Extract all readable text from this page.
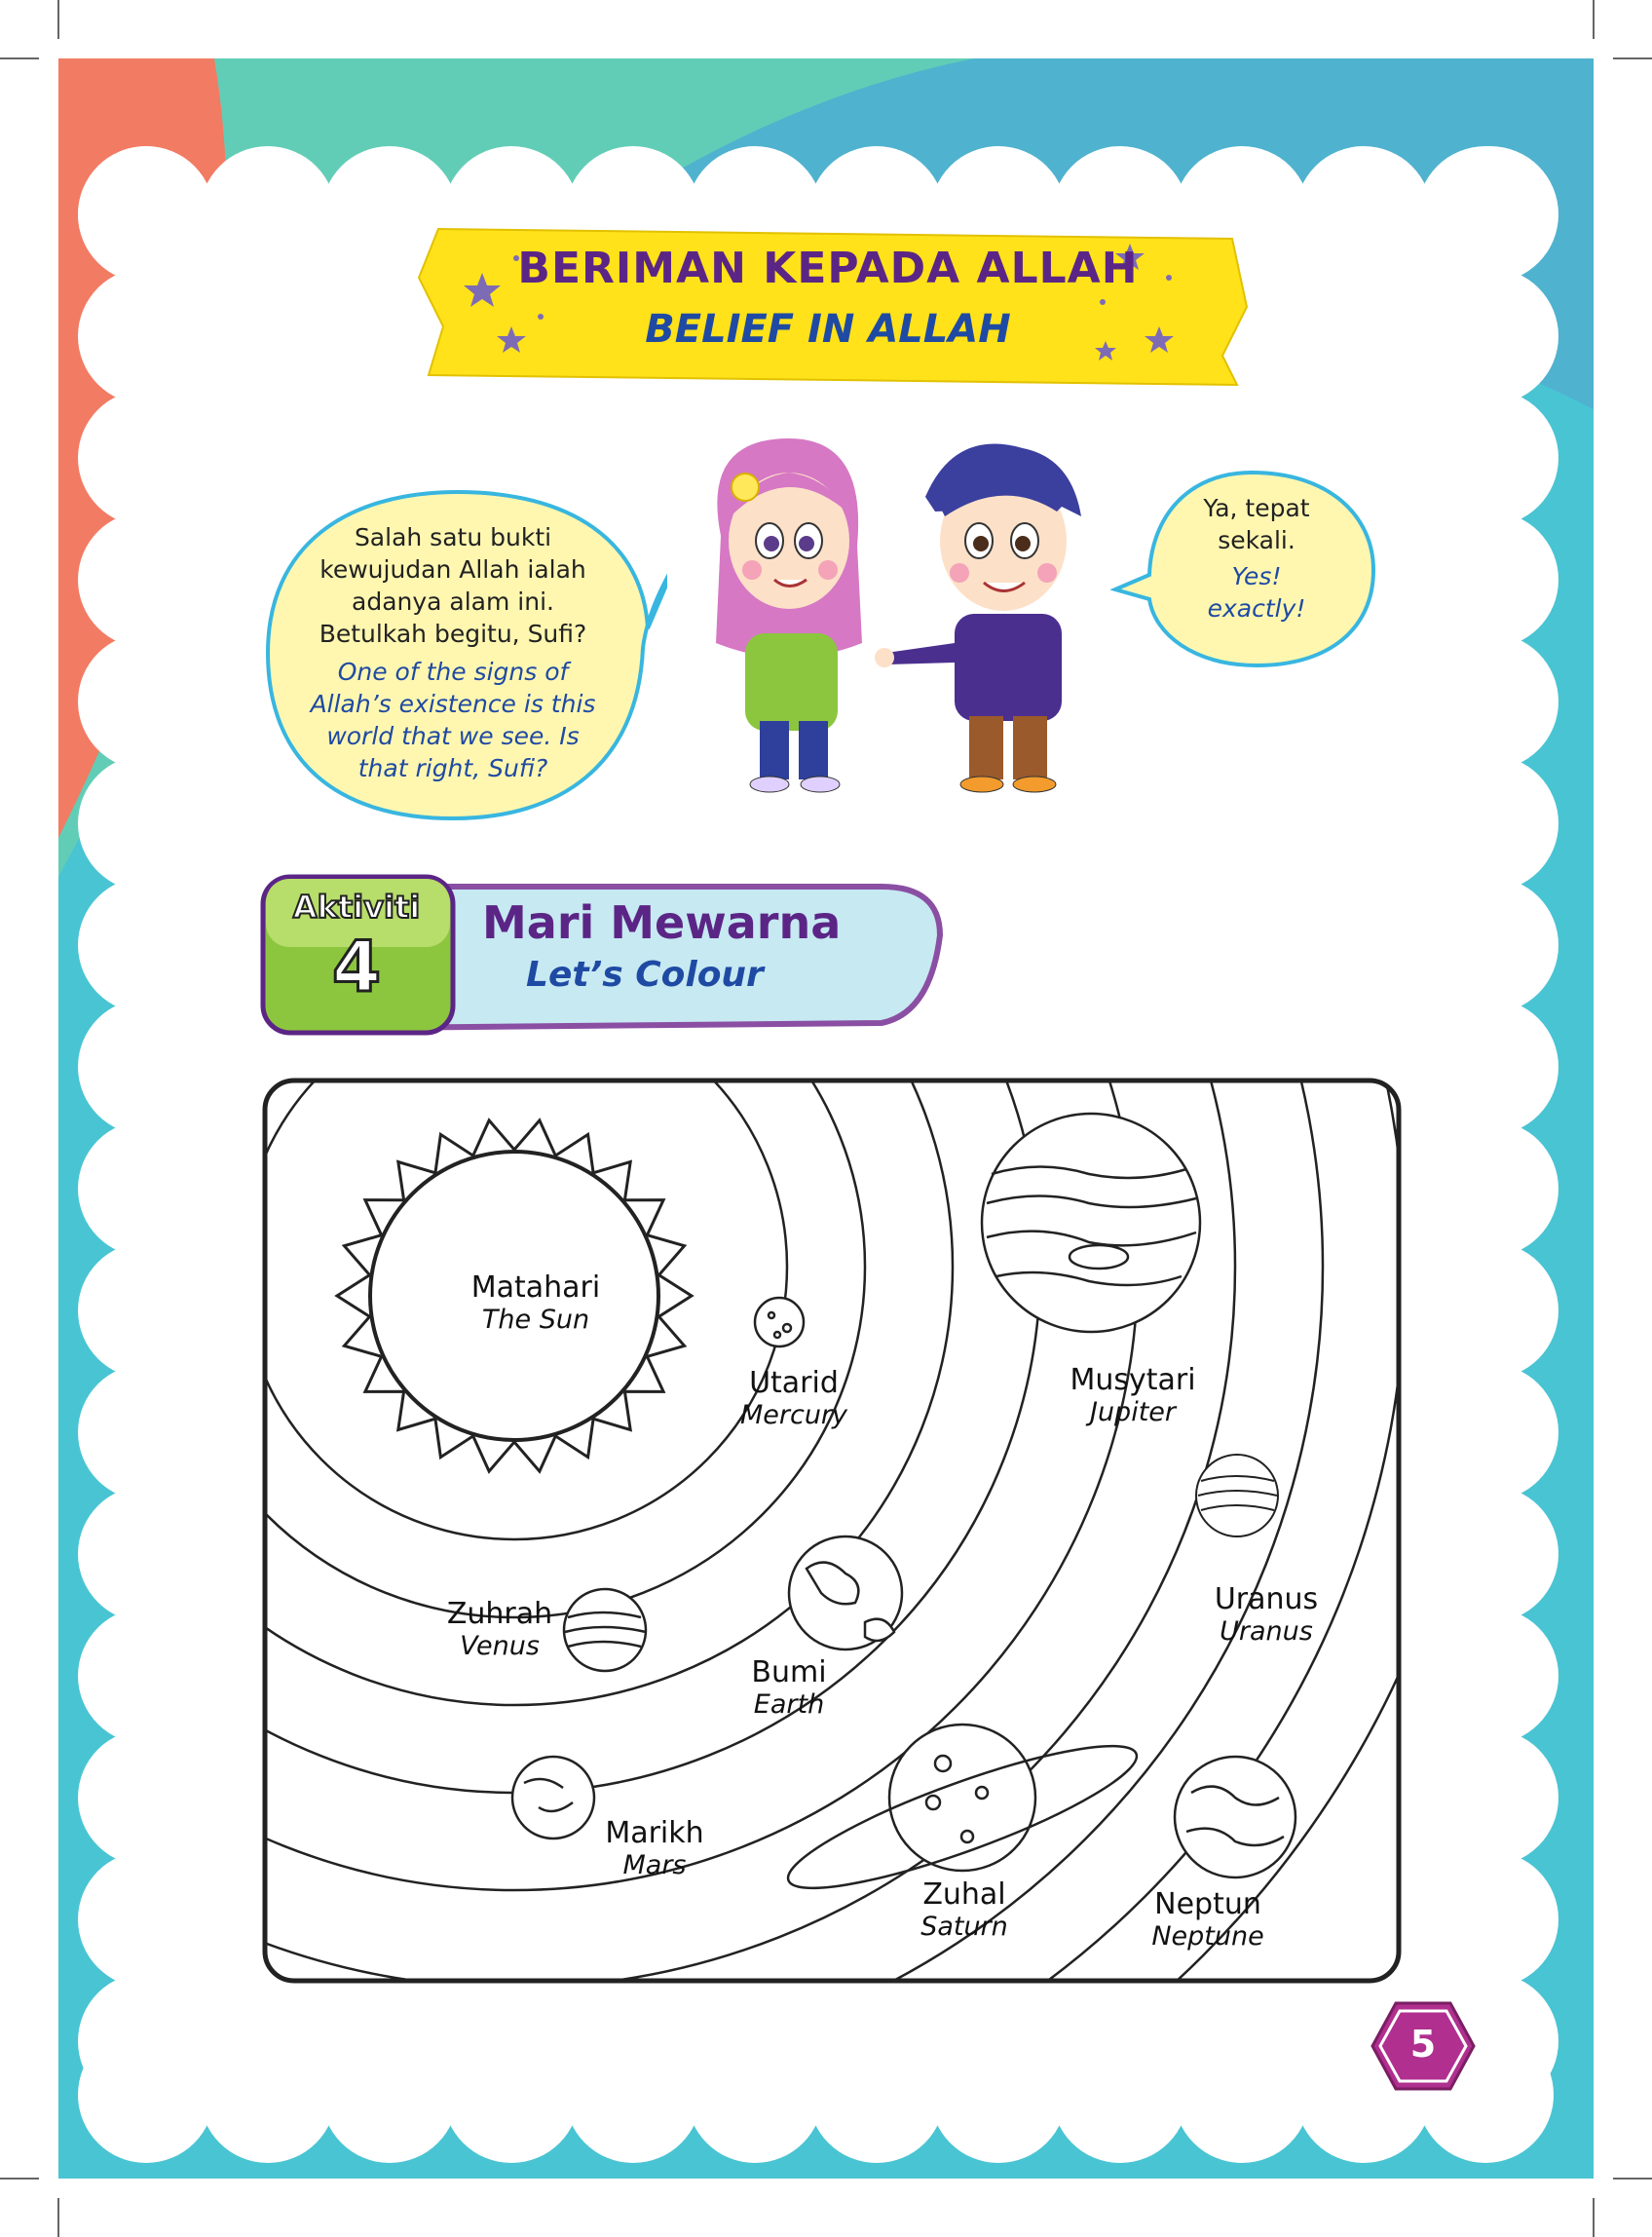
BERIMAN KEPADA ALLAH
BELIEF IN ALLAH
Salah satu bukti
kewujudan Allah ialah
adanya alam ini.
Betulkah begitu, Sufi?
One of the signs of
Allah’s existence is this
world that we see. Is
that right, Sufi?
Ya, tepat
sekali.
Yes!
exactly!
Aktiviti
4
Mari Mewarna
Let’s Colour
Matahari
The Sun
Utarid
Mercury
Zuhrah
Venus
Bumi
Earth
Marikh
Mars
Musytari
Jupiter
Zuhal
Saturn
Uranus
Uranus
Neptun
Neptune
5
